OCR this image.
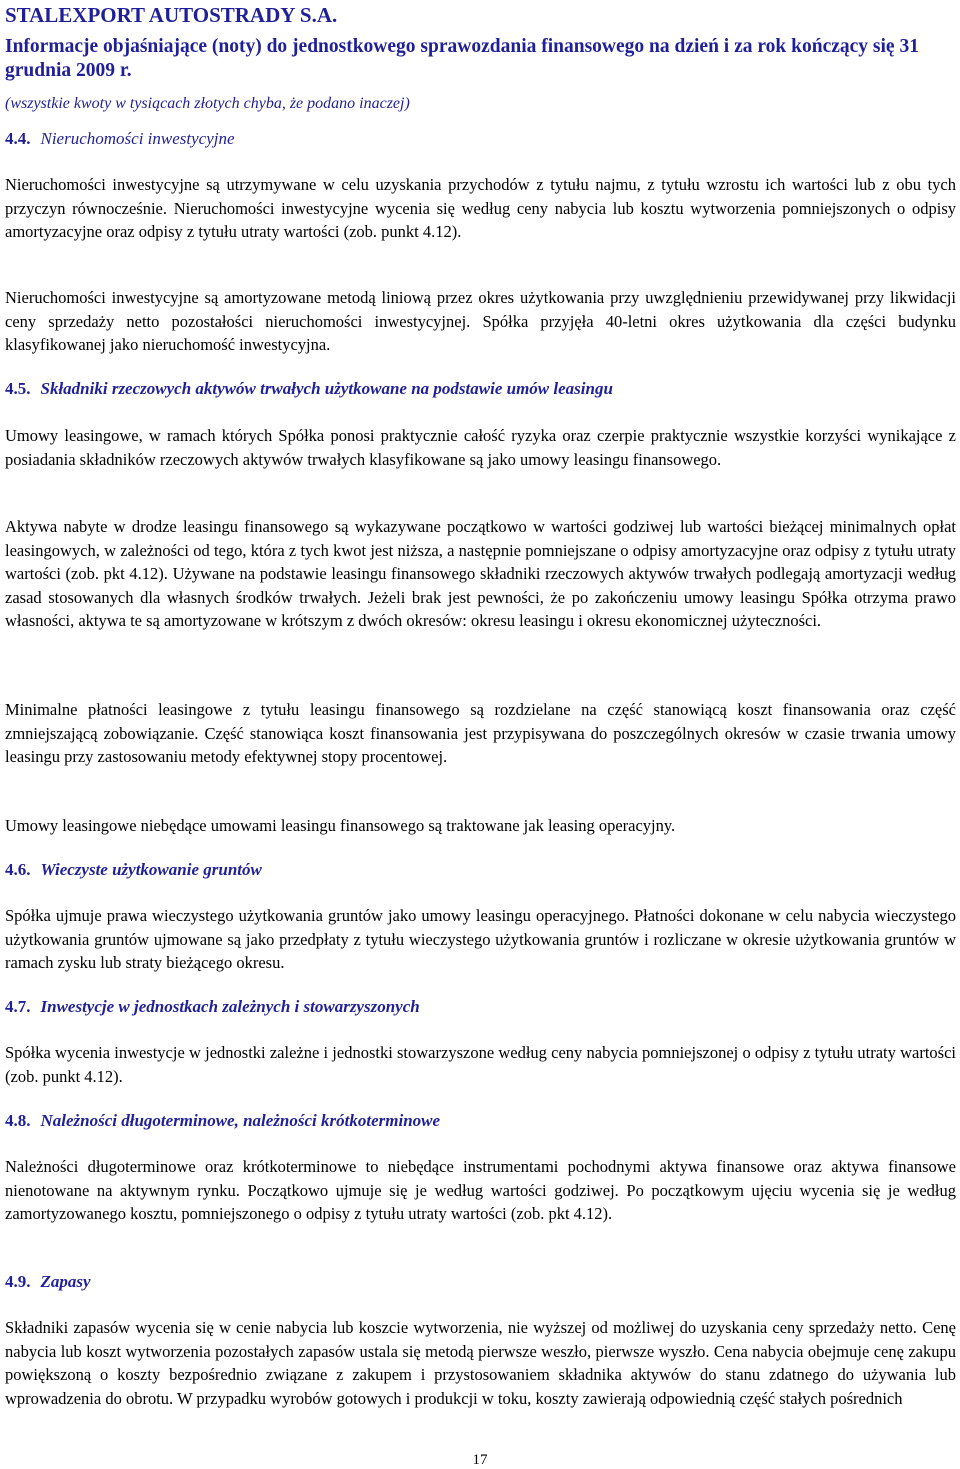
STALEXPORT AUTOSTRADY S.A.
Informacje objaśniające (noty) do jednostkowego sprawozdania finansowego na dzień i za rok kończący się 31 grudnia 2009 r.
(wszystkie kwoty w tysiącach złotych chyba, że podano inaczej)
4.4. Nieruchomości inwestycyjne
Nieruchomości inwestycyjne są utrzymywane w celu uzyskania przychodów z tytułu najmu, z tytułu wzrostu ich wartości lub z obu tych przyczyn równocześnie. Nieruchomości inwestycyjne wycenia się według ceny nabycia lub kosztu wytworzenia pomniejszonych o odpisy amortyzacyjne oraz odpisy z tytułu utraty wartości (zob. punkt 4.12).
Nieruchomości inwestycyjne są amortyzowane metodą liniową przez okres użytkowania przy uwzględnieniu przewidywanej przy likwidacji ceny sprzedaży netto pozostałości nieruchomości inwestycyjnej. Spółka przyjęła 40-letni okres użytkowania dla części budynku klasyfikowanej jako nieruchomość inwestycyjna.
4.5. Składniki rzeczowych aktywów trwałych użytkowane na podstawie umów leasingu
Umowy leasingowe, w ramach których Spółka ponosi praktycznie całość ryzyka oraz czerpie praktycznie wszystkie korzyści wynikające z posiadania składników rzeczowych aktywów trwałych klasyfikowane są jako umowy leasingu finansowego.
Aktywa nabyte w drodze leasingu finansowego są wykazywane początkowo w wartości godziwej lub wartości bieżącej minimalnych opłat leasingowych, w zależności od tego, która z tych kwot jest niższa, a następnie pomniejszane o odpisy amortyzacyjne oraz odpisy z tytułu utraty wartości (zob. pkt 4.12). Używane na podstawie leasingu finansowego składniki rzeczowych aktywów trwałych podlegają amortyzacji według zasad stosowanych dla własnych środków trwałych. Jeżeli brak jest pewności, że po zakończeniu umowy leasingu Spółka otrzyma prawo własności, aktywa te są amortyzowane w krótszym z dwóch okresów: okresu leasingu i okresu ekonomicznej użyteczności.
Minimalne płatności leasingowe z tytułu leasingu finansowego są rozdzielane na część stanowiącą koszt finansowania oraz część zmniejszającą zobowiązanie. Część stanowiąca koszt finansowania jest przypisywana do poszczególnych okresów w czasie trwania umowy leasingu przy zastosowaniu metody efektywnej stopy procentowej.
Umowy leasingowe niebędące umowami leasingu finansowego są traktowane jak leasing operacyjny.
4.6. Wieczyste użytkowanie gruntów
Spółka ujmuje prawa wieczystego użytkowania gruntów jako umowy leasingu operacyjnego. Płatności dokonane w celu nabycia wieczystego użytkowania gruntów ujmowane są jako przedpłaty z tytułu wieczystego użytkowania gruntów i rozliczane w okresie użytkowania gruntów w ramach zysku lub straty bieżącego okresu.
4.7. Inwestycje w jednostkach zależnych i stowarzyszonych
Spółka wycenia inwestycje w jednostki zależne i jednostki stowarzyszone według ceny nabycia pomniejszonej o odpisy z tytułu utraty wartości (zob. punkt 4.12).
4.8. Należności długoterminowe, należności krótkoterminowe
Należności długoterminowe oraz krótkoterminowe to niebędące instrumentami pochodnymi aktywa finansowe oraz aktywa finansowe nienotowane na aktywnym rynku. Początkowo ujmuje się je według wartości godziwej. Po początkowym ujęciu wycenia się je według zamortyzowanego kosztu, pomniejszonego o odpisy z tytułu utraty wartości (zob. pkt 4.12).
4.9. Zapasy
Składniki zapasów wycenia się w cenie nabycia lub koszcie wytworzenia, nie wyższej od możliwej do uzyskania ceny sprzedaży netto. Cenę nabycia lub koszt wytworzenia pozostałych zapasów ustala się metodą pierwsze weszło, pierwsze wyszło. Cena nabycia obejmuje cenę zakupu powiększoną o koszty bezpośrednio związane z zakupem i przystosowaniem składnika aktywów do stanu zdatnego do używania lub wprowadzenia do obrotu. W przypadku wyrobów gotowych i produkcji w toku, koszty zawierają odpowiednią część stałych pośrednich
17
